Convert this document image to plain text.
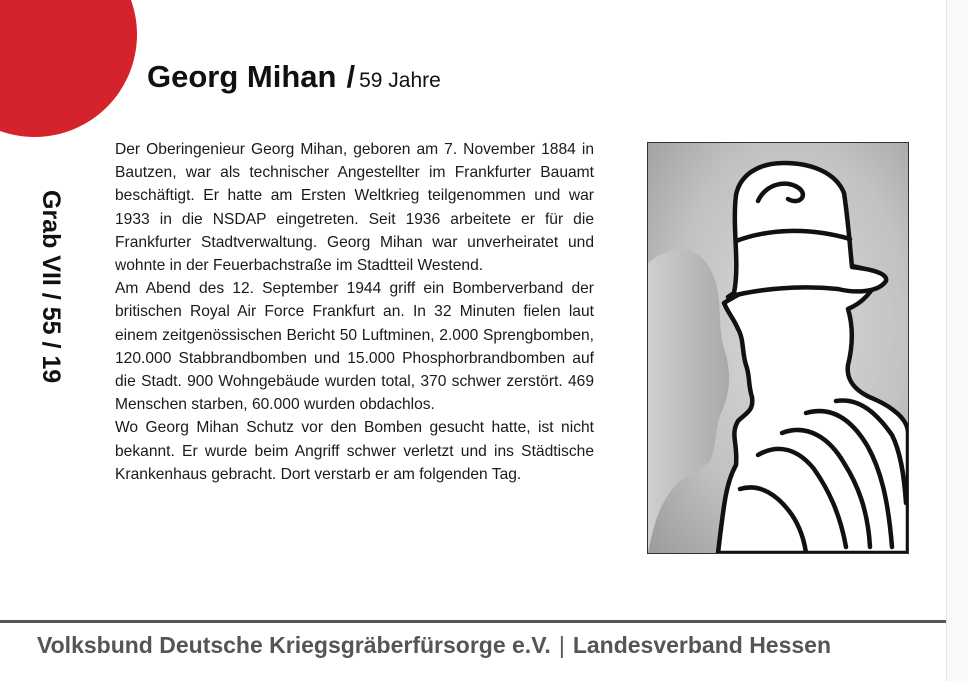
Georg Mihan / 59 Jahre
Grab VII / 55 / 19

Der Oberingenieur Georg Mihan, geboren am 7. November 1884 in Bautzen, war als technischer Angestellter im Frankfurter Bauamt beschäftigt. Er hatte am Ersten Weltkrieg teilgenommen und war 1933 in die NSDAP eingetreten. Seit 1936 arbeitete er für die Frankfurter Stadtverwaltung. Georg Mihan war unverheiratet und wohnte in der Feuerbachstraße im Stadtteil Westend.

Am Abend des 12. September 1944 griff ein Bomberverband der britischen Royal Air Force Frankfurt an. In 32 Minuten fielen laut einem zeitgenössischen Bericht 50 Luftminen, 2.000 Sprengbomben, 120.000 Stabbrandbomben und 15.000 Phosphorbrandbomben auf die Stadt. 900 Wohngebäude wurden total, 370 schwer zerstört. 469 Menschen starben, 60.000 wurden obdachlos.

Wo Georg Mihan Schutz vor den Bomben gesucht hatte, ist nicht bekannt. Er wurde beim Angriff schwer verletzt und ins Städtische Krankenhaus gebracht. Dort verstarb er am folgenden Tag.

Volksbund Deutsche Kriegsgräberfürsorge e.V. | Landesverband Hessen
